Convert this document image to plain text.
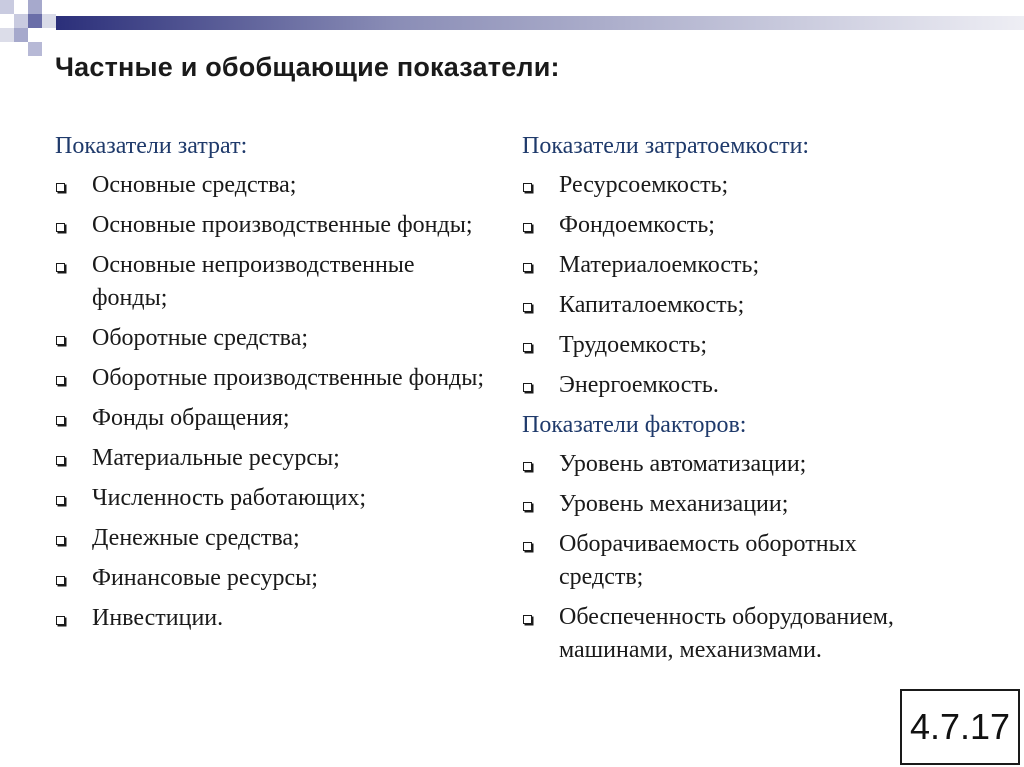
Частные и обобщающие показатели:
Показатели затрат:
Основные средства;
Основные производственные фонды;
Основные непроизводственные фонды;
Оборотные средства;
Оборотные производственные фонды;
Фонды обращения;
Материальные ресурсы;
Численность работающих;
Денежные средства;
Финансовые ресурсы;
Инвестиции.
Показатели затратоемкости:
Ресурсоемкость;
Фондоемкость;
Материалоемкость;
Капиталоемкость;
Трудоемкость;
Энергоемкость.
Показатели факторов:
Уровень автоматизации;
Уровень механизации;
Оборачиваемость оборотных средств;
Обеспеченность оборудованием, машинами, механизмами.
4.7.17
